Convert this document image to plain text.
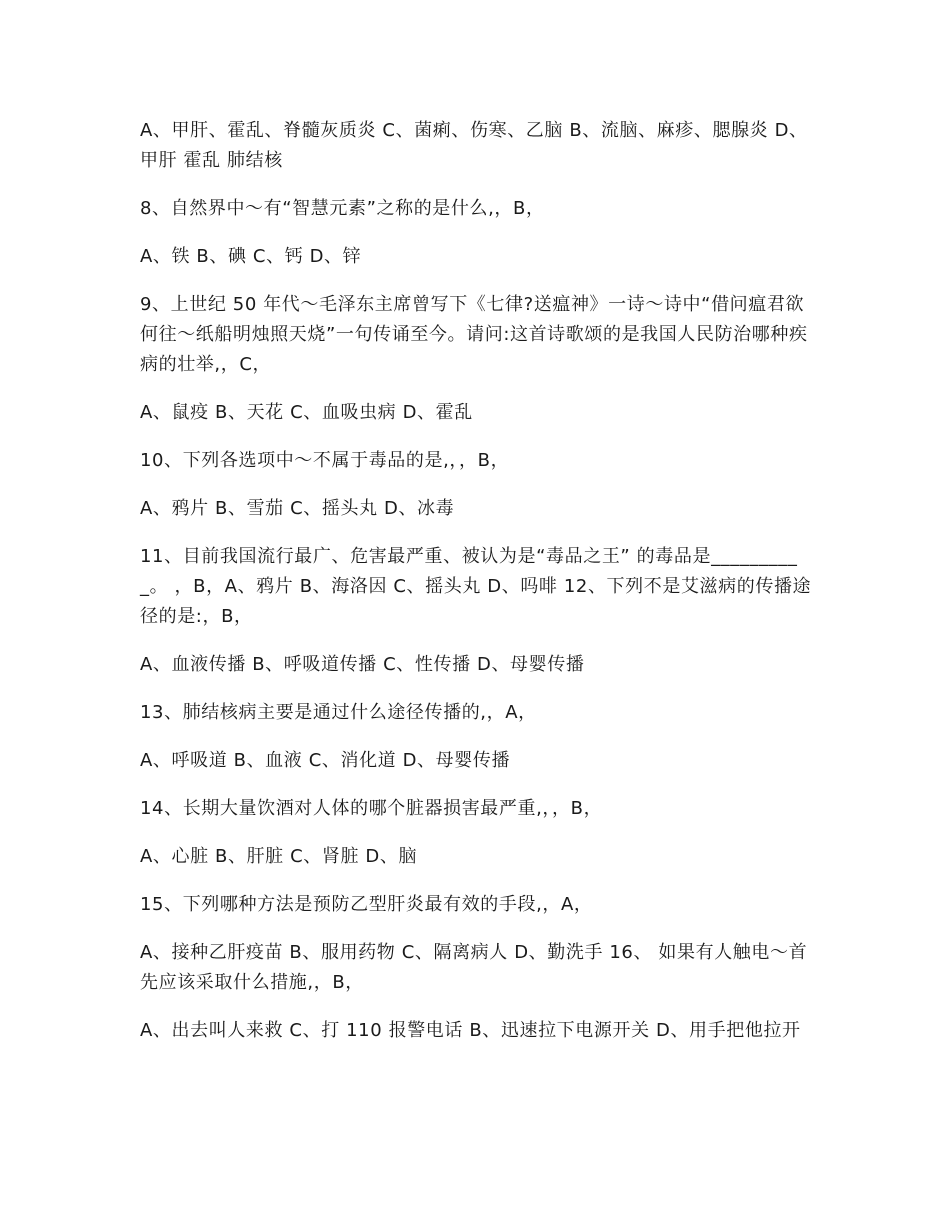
A、甲肝、霍乱、脊髓灰质炎 C、菌痢、伤寒、乙脑 B、流脑、麻疹、腮腺炎 D、甲肝 霍乱 肺结核

8、自然界中～有“智慧元素”之称的是什么,，B，

A、铁 B、碘 C、钙 D、锌

9、上世纪 50 年代～毛泽东主席曾写下《七律?送瘟神》一诗～诗中“借问瘟君欲何往～纸船明烛照天烧”一句传诵至今。请问:这首诗歌颂的是我国人民防治哪种疾病的壮举,，C，

A、鼠疫 B、天花 C、血吸虫病 D、霍乱

10、下列各选项中～不属于毒品的是,，，B，

A、鸦片 B、雪茄 C、摇头丸 D、冰毒

11、目前我国流行最广、危害最严重、被认为是“毒品之王” 的毒品是__________。 ，B，A、鸦片 B、海洛因 C、摇头丸 D、吗啡 12、下列不是艾滋病的传播途径的是:，B，

A、血液传播 B、呼吸道传播 C、性传播 D、母婴传播

13、肺结核病主要是通过什么途径传播的,，A，

A、呼吸道 B、血液 C、消化道 D、母婴传播

14、长期大量饮酒对人体的哪个脏器损害最严重,，，B，

A、心脏 B、肝脏 C、肾脏 D、脑

15、下列哪种方法是预防乙型肝炎最有效的手段,，A，

A、接种乙肝疫苗 B、服用药物 C、隔离病人 D、勤洗手 16、 如果有人触电～首先应该采取什么措施,，B，

A、出去叫人来救 C、打 110 报警电话 B、迅速拉下电源开关 D、用手把他拉开
